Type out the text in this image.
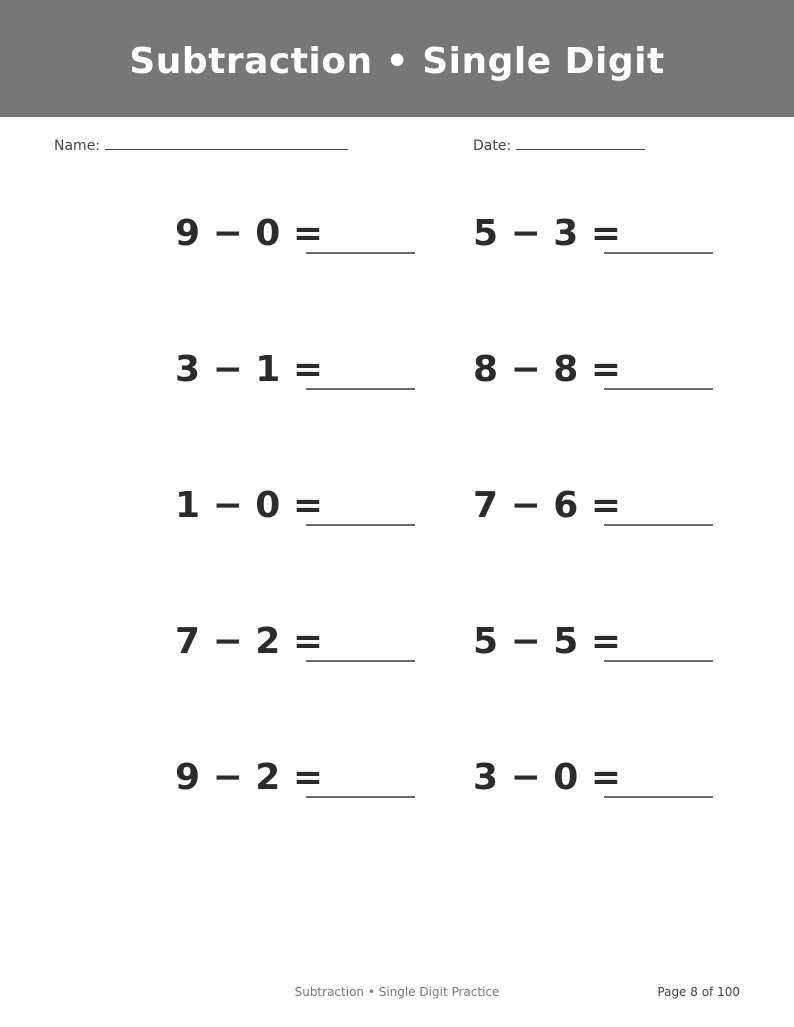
Subtraction • Single Digit
Name:	Date:
9 − 0 =	5 − 3 =
3 − 1 =	8 − 8 =
1 − 0 =	7 − 6 =
7 − 2 =	5 − 5 =
9 − 2 =	3 − 0 =
Subtraction • Single Digit Practice	Page 8 of 100
